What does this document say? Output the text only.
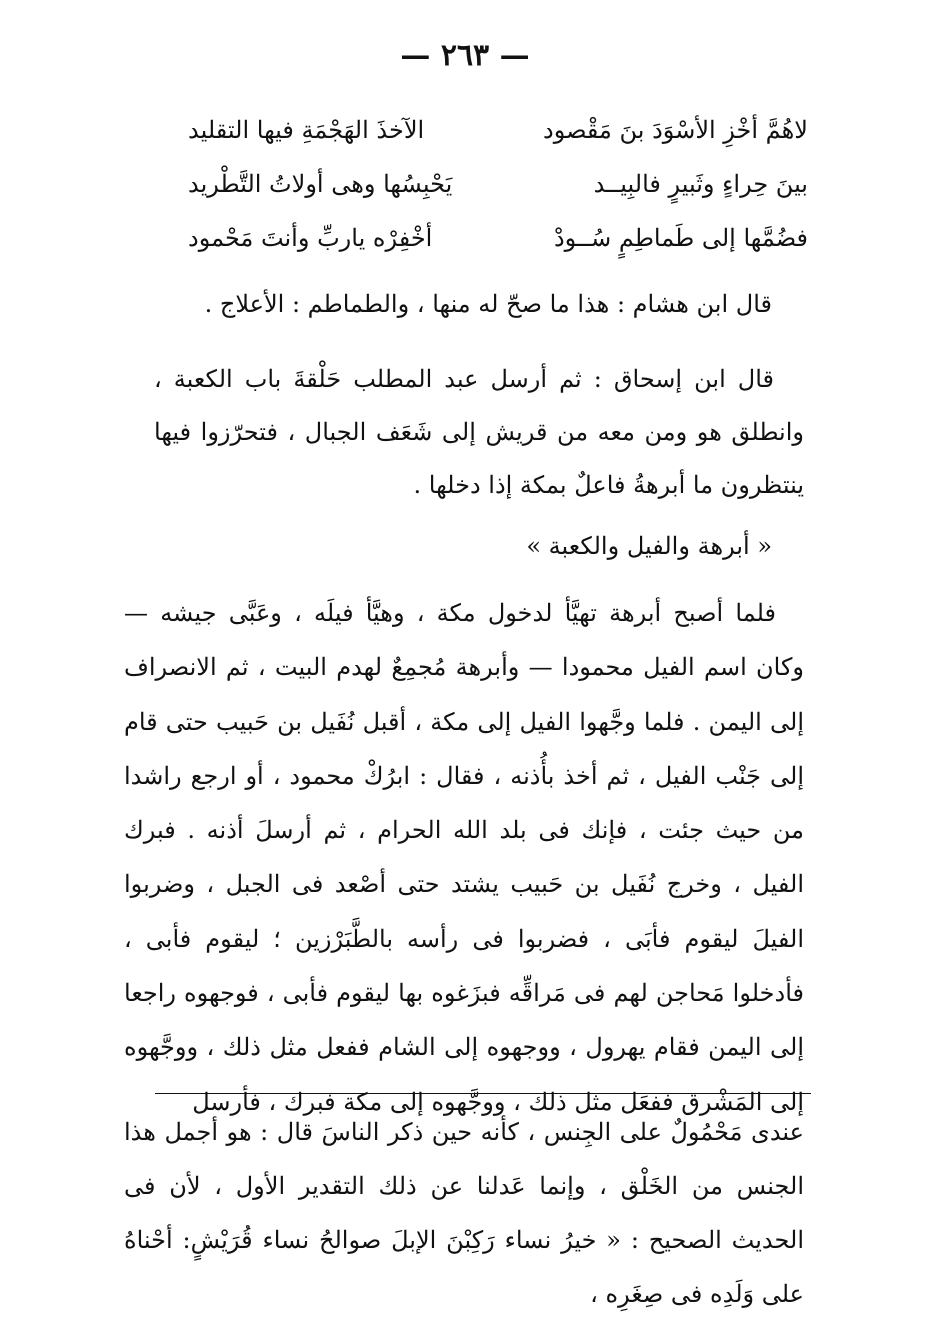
— ٢٦٣ —
لاهُمَّ أخْزِ الأسْوَدَ بنَ مَقْصود
الآخذَ الهَجْمَةِ فيها التقليد
بينَ حِراءٍ وثَبيرٍ فالبِيــد
يَحْبِسُها وهى أولاتُ التَّطْريد
فضُمَّها إلى طَماطِمٍ سُــودْ
أخْفِرْه ياربِّ وأنتَ مَحْمود
قال ابن هشام : هذا ما صحّ له منها ، والطماطم : الأعلاج .
قال ابن إسحاق : ثم أرسل عبد المطلب حَلْقةَ باب الكعبة ، وانطلق هو ومن معه من قريش إلى شَعَف الجبال ، فتحرّزوا فيها ينتظرون ما أبرهةُ فاعلٌ بمكة إذا دخلها .
« أبرهة والفيل والكعبة »
فلما أصبح أبرهة تهيَّأ لدخول مكة ، وهيَّأ فيلَه ، وعَبَّى جيشه — وكان اسم الفيل محمودا — وأبرهة مُجمِعٌ لهدم البيت ، ثم الانصراف إلى اليمن . فلما وجَّهوا الفيل إلى مكة ، أقبل نُفَيل بن حَبيب حتى قام إلى جَنْب الفيل ، ثم أخذ بأُذنه ، فقال : ابرُكْ محمود ، أو ارجع راشدا من حيث جئت ، فإنك فى بلد الله الحرام ، ثم أرسلَ أذنه . فبرك الفيل ، وخرج نُفَيل بن حَبيب يشتد حتى أصْعد فى الجبل ، وضربوا الفيلَ ليقوم فأبَى ، فضربوا فى رأسه بالطَّبَرْزين ؛ ليقوم فأبى ، فأدخلوا مَحاجن لهم فى مَراقِّه فبزَغوه بها ليقوم فأبى ، فوجهوه راجعا إلى اليمن فقام يهرول ، ووجهوه إلى الشام ففعل مثل ذلك ، ووجَّهوه إلى المَشْرق ففعَل مثل ذلك ، ووجَّهوه إلى مكة فبرك ، فأرسل
عندى مَحْمُولٌ على الجِنس ، كأنه حين ذكر الناسَ قال : هو أجمل هذا الجنس من الخَلْق ، وإنما عَدلنا عن ذلك التقدير الأول ، لأن فى الحديث الصحيح : « خيرُ نساء رَكِبْنَ الإبلَ صوالحُ نساء قُرَيْشٍ: أحْناهُ على وَلَدِه فى صِغَرِه ،
